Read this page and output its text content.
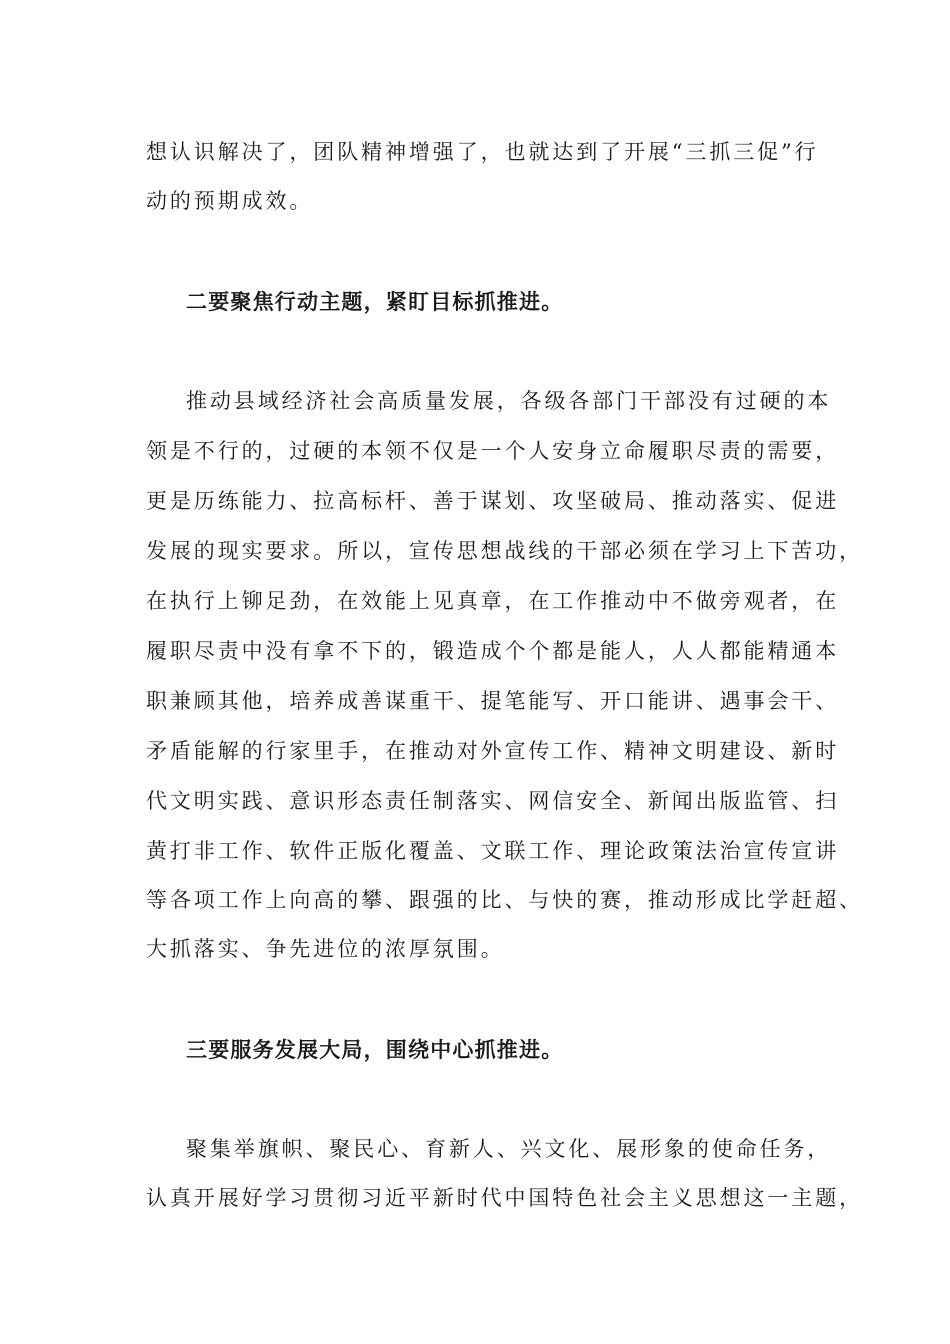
想认识解决了，团队精神增强了，也就达到了开展“三抓三促”行
动的预期成效。
二要聚焦行动主题，紧盯目标抓推进。
推动县域经济社会高质量发展，各级各部门干部没有过硬的本
领是不行的，过硬的本领不仅是一个人安身立命履职尽责的需要，
更是历练能力、拉高标杆、善于谋划、攻坚破局、推动落实、促进
发展的现实要求。所以，宣传思想战线的干部必须在学习上下苦功，
在执行上铆足劲，在效能上见真章，在工作推动中不做旁观者，在
履职尽责中没有拿不下的，锻造成个个都是能人，人人都能精通本
职兼顾其他，培养成善谋重干、提笔能写、开口能讲、遇事会干、
矛盾能解的行家里手，在推动对外宣传工作、精神文明建设、新时
代文明实践、意识形态责任制落实、网信安全、新闻出版监管、扫
黄打非工作、软件正版化覆盖、文联工作、理论政策法治宣传宣讲
等各项工作上向高的攀、跟强的比、与快的赛，推动形成比学赶超、
大抓落实、争先进位的浓厚氛围。
三要服务发展大局，围绕中心抓推进。
聚集举旗帜、聚民心、育新人、兴文化、展形象的使命任务，
认真开展好学习贯彻习近平新时代中国特色社会主义思想这一主题，
